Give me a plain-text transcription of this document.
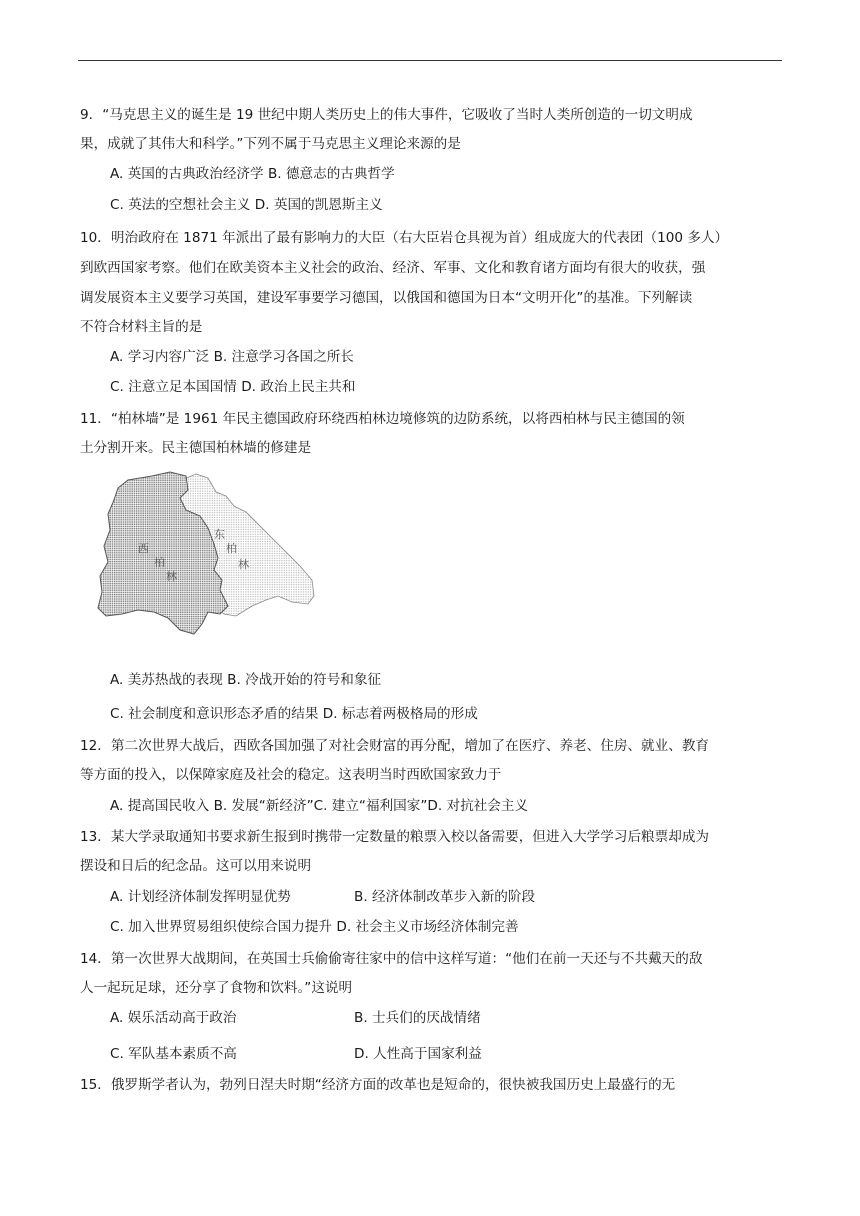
9．“马克思主义的诞生是 19 世纪中期人类历史上的伟大事件，它吸收了当时人类所创造的一切文明成
果，成就了其伟大和科学。”下列不属于马克思主义理论来源的是
A. 英国的古典政治经济学 B. 德意志的古典哲学
C. 英法的空想社会主义 D. 英国的凯恩斯主义
10．明治政府在 1871 年派出了最有影响力的大臣（右大臣岩仓具视为首）组成庞大的代表团（100 多人）
到欧西国家考察。他们在欧美资本主义社会的政治、经济、军事、文化和教育诸方面均有很大的收获，强
调发展资本主义要学习英国，建设军事要学习德国，以俄国和德国为日本“文明开化”的基准。下列解读
不符合材料主旨的是
A. 学习内容广泛 B. 注意学习各国之所长
C. 注意立足本国国情 D. 政治上民主共和
11．“柏林墙”是 1961 年民主德国政府环绕西柏林边境修筑的边防系统，以将西柏林与民主德国的领
土分割开来。民主德国柏林墙的修建是
西
柏
林
东
柏
林
A. 美苏热战的表现 B. 冷战开始的符号和象征
C. 社会制度和意识形态矛盾的结果 D. 标志着两极格局的形成
12．第二次世界大战后，西欧各国加强了对社会财富的再分配，增加了在医疗、养老、住房、就业、教育
等方面的投入，以保障家庭及社会的稳定。这表明当时西欧国家致力于
A. 提高国民收入 B. 发展“新经济”C. 建立“福利国家”D. 对抗社会主义
13．某大学录取通知书要求新生报到时携带一定数量的粮票入校以备需要，但进入大学学习后粮票却成为
摆设和日后的纪念品。这可以用来说明
A. 计划经济体制发挥明显优势	B. 经济体制改革步入新的阶段
C. 加入世界贸易组织使综合国力提升 D. 社会主义市场经济体制完善
14．第一次世界大战期间，在英国士兵偷偷寄往家中的信中这样写道：“他们在前一天还与不共戴天的敌
人一起玩足球，还分享了食物和饮料。”这说明
A. 娱乐活动高于政治	B. 士兵们的厌战情绪
C. 军队基本素质不高	D. 人性高于国家利益
15．俄罗斯学者认为，勃列日涅夫时期“经济方面的改革也是短命的，很快被我国历史上最盛行的无
